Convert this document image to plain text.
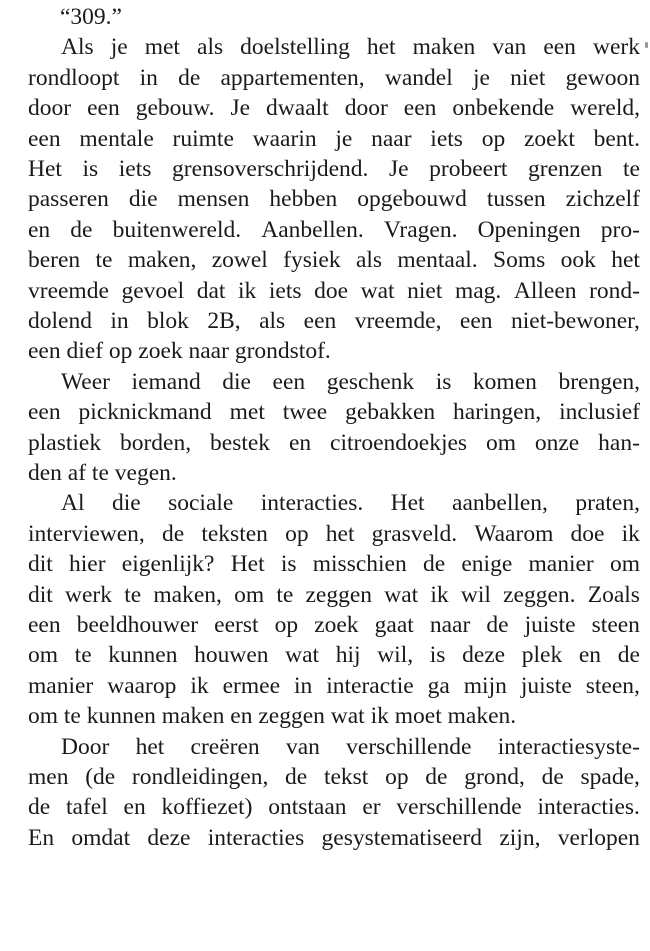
“309.”
Als je met als doelstelling het maken van een werk
rondloopt in de appartementen, wandel je niet gewoon
door een gebouw. Je dwaalt door een onbekende wereld,
een mentale ruimte waarin je naar iets op zoekt bent.
Het is iets grensoverschrijdend. Je probeert grenzen te
passeren die mensen hebben opgebouwd tussen zichzelf
en de buitenwereld. Aanbellen. Vragen. Openingen pro-
beren te maken, zowel fysiek als mentaal. Soms ook het
vreemde gevoel dat ik iets doe wat niet mag. Alleen rond-
dolend in blok 2B, als een vreemde, een niet-bewoner,
een dief op zoek naar grondstof.
Weer iemand die een geschenk is komen brengen,
een picknickmand met twee gebakken haringen, inclusief
plastiek borden, bestek en citroendoekjes om onze han-
den af te vegen.
Al die sociale interacties. Het aanbellen, praten,
interviewen, de teksten op het grasveld. Waarom doe ik
dit hier eigenlijk? Het is misschien de enige manier om
dit werk te maken, om te zeggen wat ik wil zeggen. Zoals
een beeldhouwer eerst op zoek gaat naar de juiste steen
om te kunnen houwen wat hij wil, is deze plek en de
manier waarop ik ermee in interactie ga mijn juiste steen,
om te kunnen maken en zeggen wat ik moet maken.
Door het creëren van verschillende interactiesyste-
men (de rondleidingen, de tekst op de grond, de spade,
de tafel en koffiezet) ontstaan er verschillende interacties.
En omdat deze interacties gesystematiseerd zijn, verlopen
